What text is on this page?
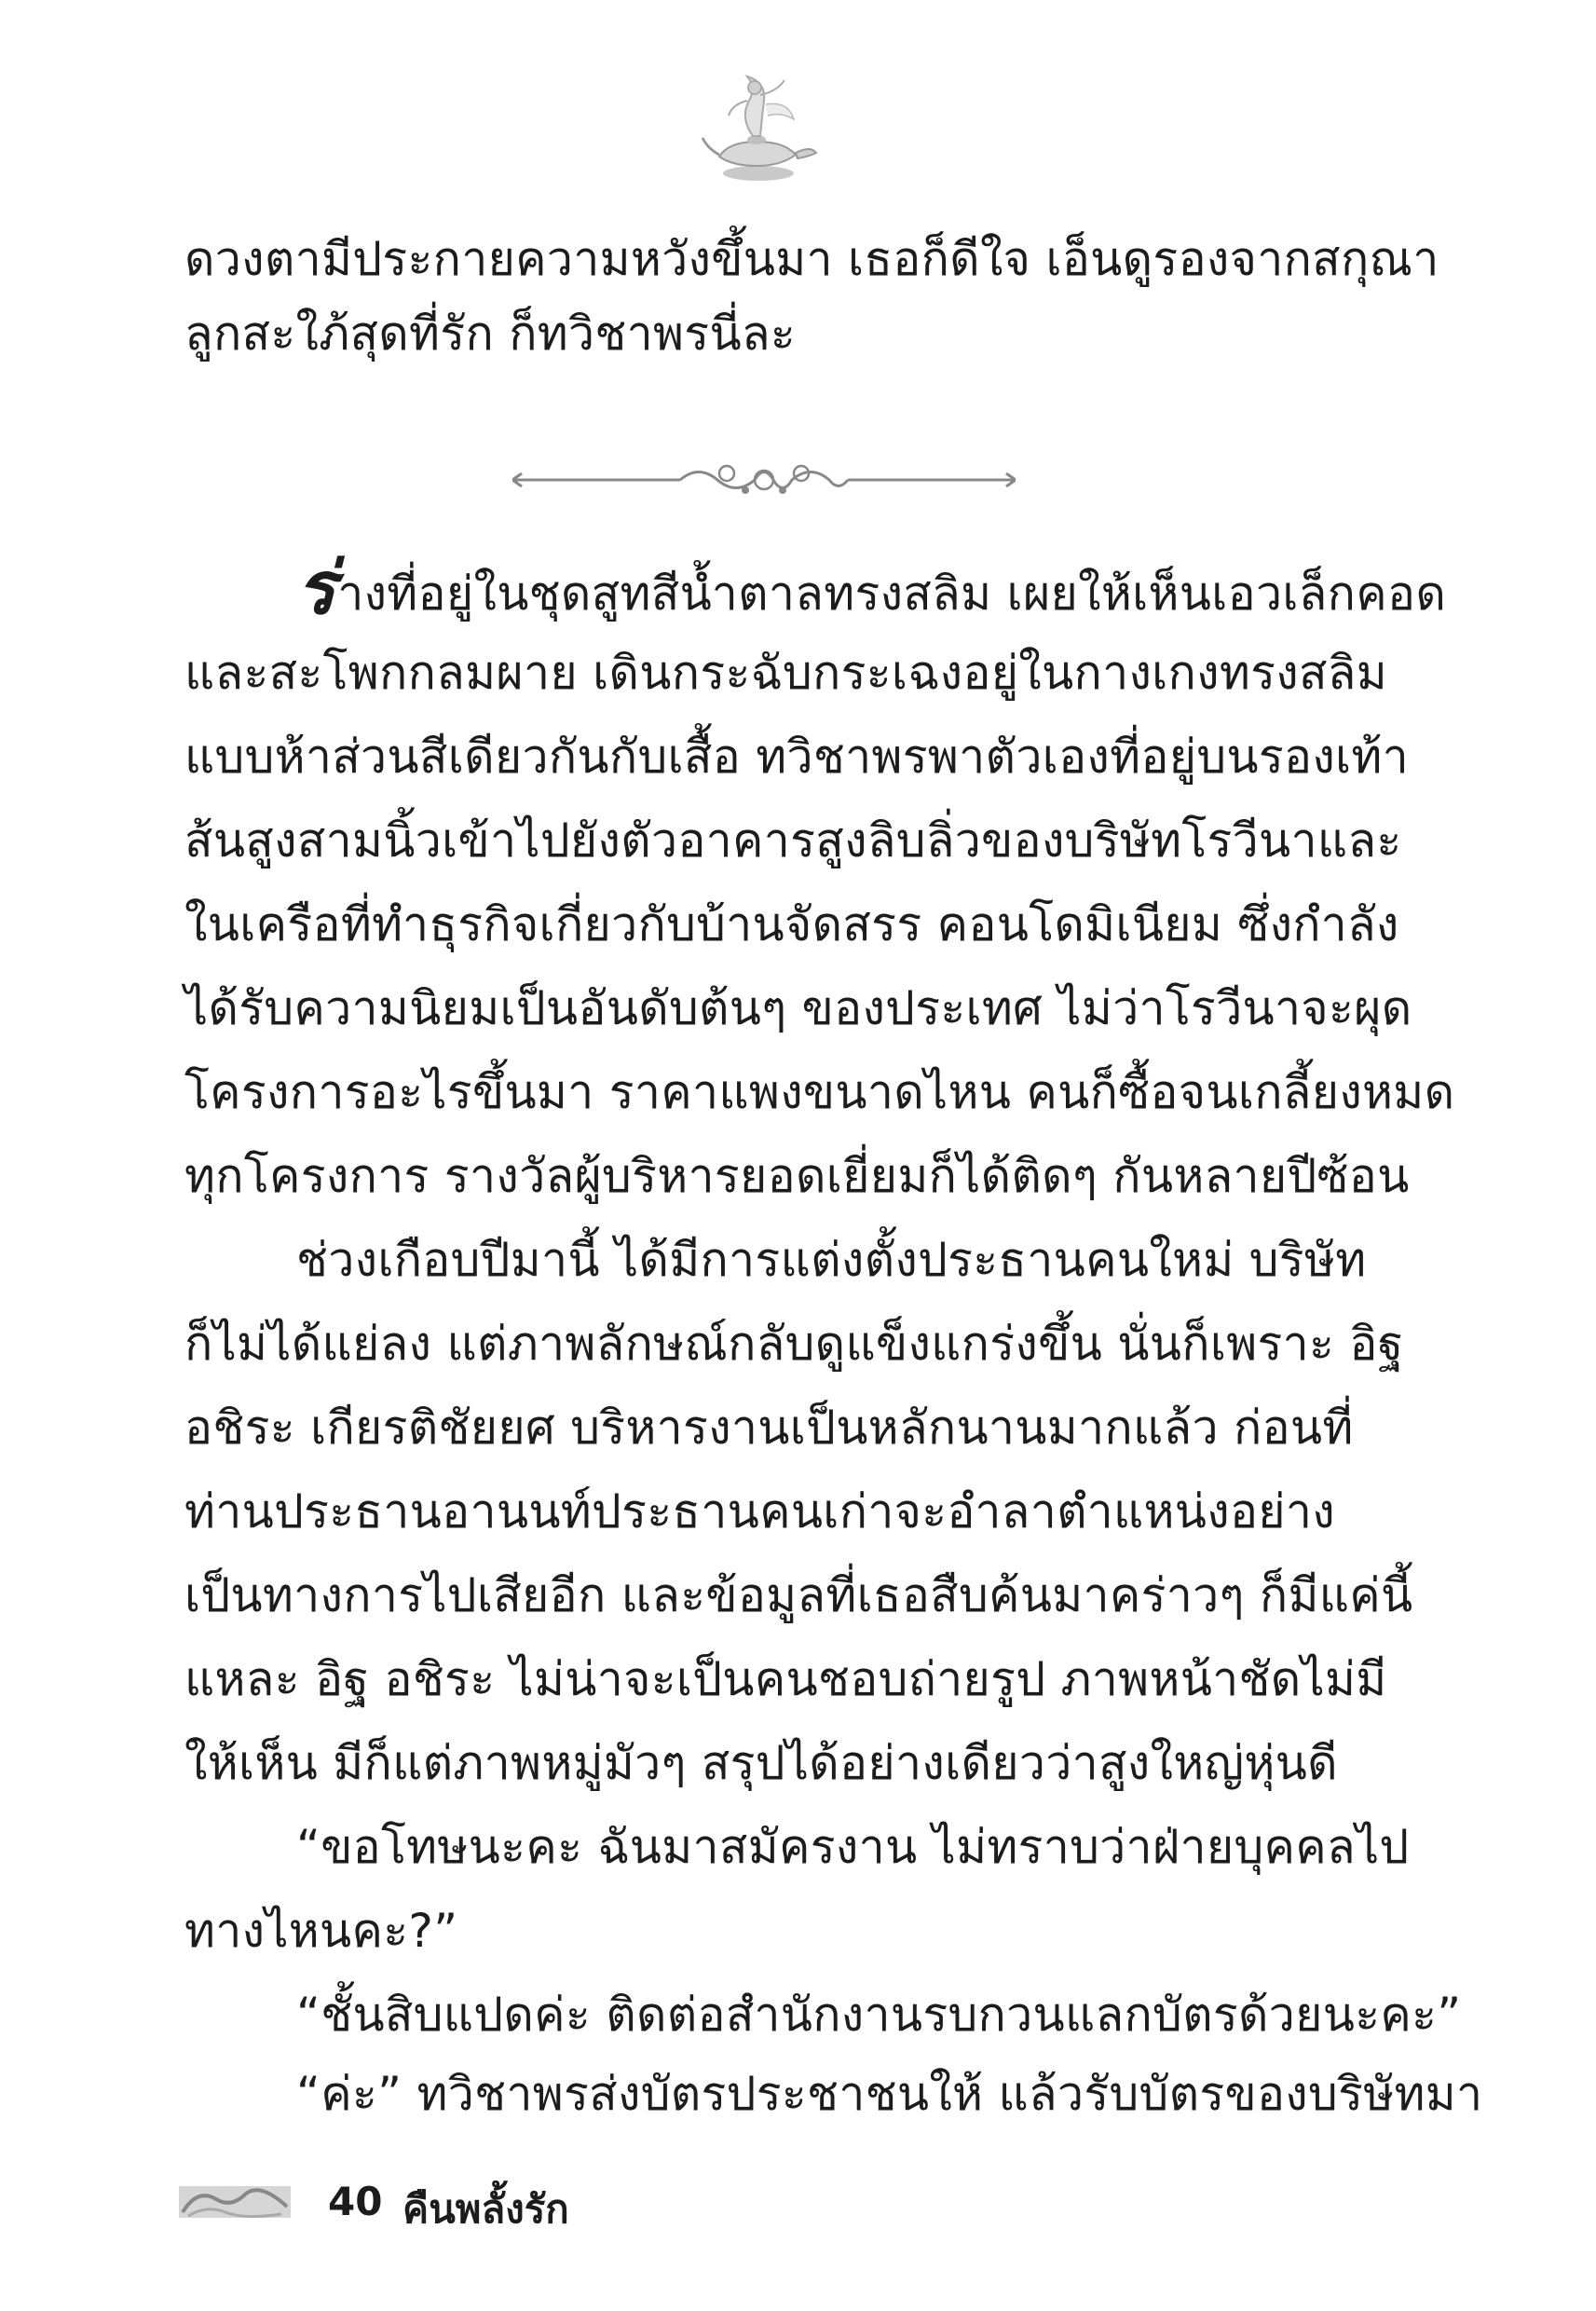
ดวงตามีประกายความหวังขึ้นมา เธอก็ดีใจ เอ็นดูรองจากสกุณา
ลูกสะใภ้สุดที่รัก ก็ทวิชาพรนี่ละ
ร่างที่อยู่ในชุดสูทสีน้ำตาลทรงสลิม เผยให้เห็นเอวเล็กคอด
และสะโพกกลมผาย เดินกระฉับกระเฉงอยู่ในกางเกงทรงสลิม
แบบห้าส่วนสีเดียวกันกับเสื้อ ทวิชาพรพาตัวเองที่อยู่บนรองเท้า
ส้นสูงสามนิ้วเข้าไปยังตัวอาคารสูงลิบลิ่วของบริษัทโรวีนาและ
ในเครือที่ทำธุรกิจเกี่ยวกับบ้านจัดสรร คอนโดมิเนียม ซึ่งกำลัง
ได้รับความนิยมเป็นอันดับต้นๆ ของประเทศ ไม่ว่าโรวีนาจะผุด
โครงการอะไรขึ้นมา ราคาแพงขนาดไหน คนก็ซื้อจนเกลี้ยงหมด
ทุกโครงการ รางวัลผู้บริหารยอดเยี่ยมก็ได้ติดๆ กันหลายปีซ้อน
ช่วงเกือบปีมานี้ ได้มีการแต่งตั้งประธานคนใหม่ บริษัท
ก็ไม่ได้แย่ลง แต่ภาพลักษณ์กลับดูแข็งแกร่งขึ้น นั่นก็เพราะ อิฐ
อชิระ เกียรติชัยยศ บริหารงานเป็นหลักนานมากแล้ว ก่อนที่
ท่านประธานอานนท์ประธานคนเก่าจะอำลาตำแหน่งอย่าง
เป็นทางการไปเสียอีก และข้อมูลที่เธอสืบค้นมาคร่าวๆ ก็มีแค่นี้
แหละ อิฐ อชิระ ไม่น่าจะเป็นคนชอบถ่ายรูป ภาพหน้าชัดไม่มี
ให้เห็น มีก็แต่ภาพหมู่มัวๆ สรุปได้อย่างเดียวว่าสูงใหญ่หุ่นดี
“ขอโทษนะคะ ฉันมาสมัครงาน ไม่ทราบว่าฝ่ายบุคคลไป
ทางไหนคะ?”
“ชั้นสิบแปดค่ะ ติดต่อสำนักงานรบกวนแลกบัตรด้วยนะคะ”
“ค่ะ” ทวิชาพรส่งบัตรประชาชนให้ แล้วรับบัตรของบริษัทมา
40 คืนพลั้งรัก
